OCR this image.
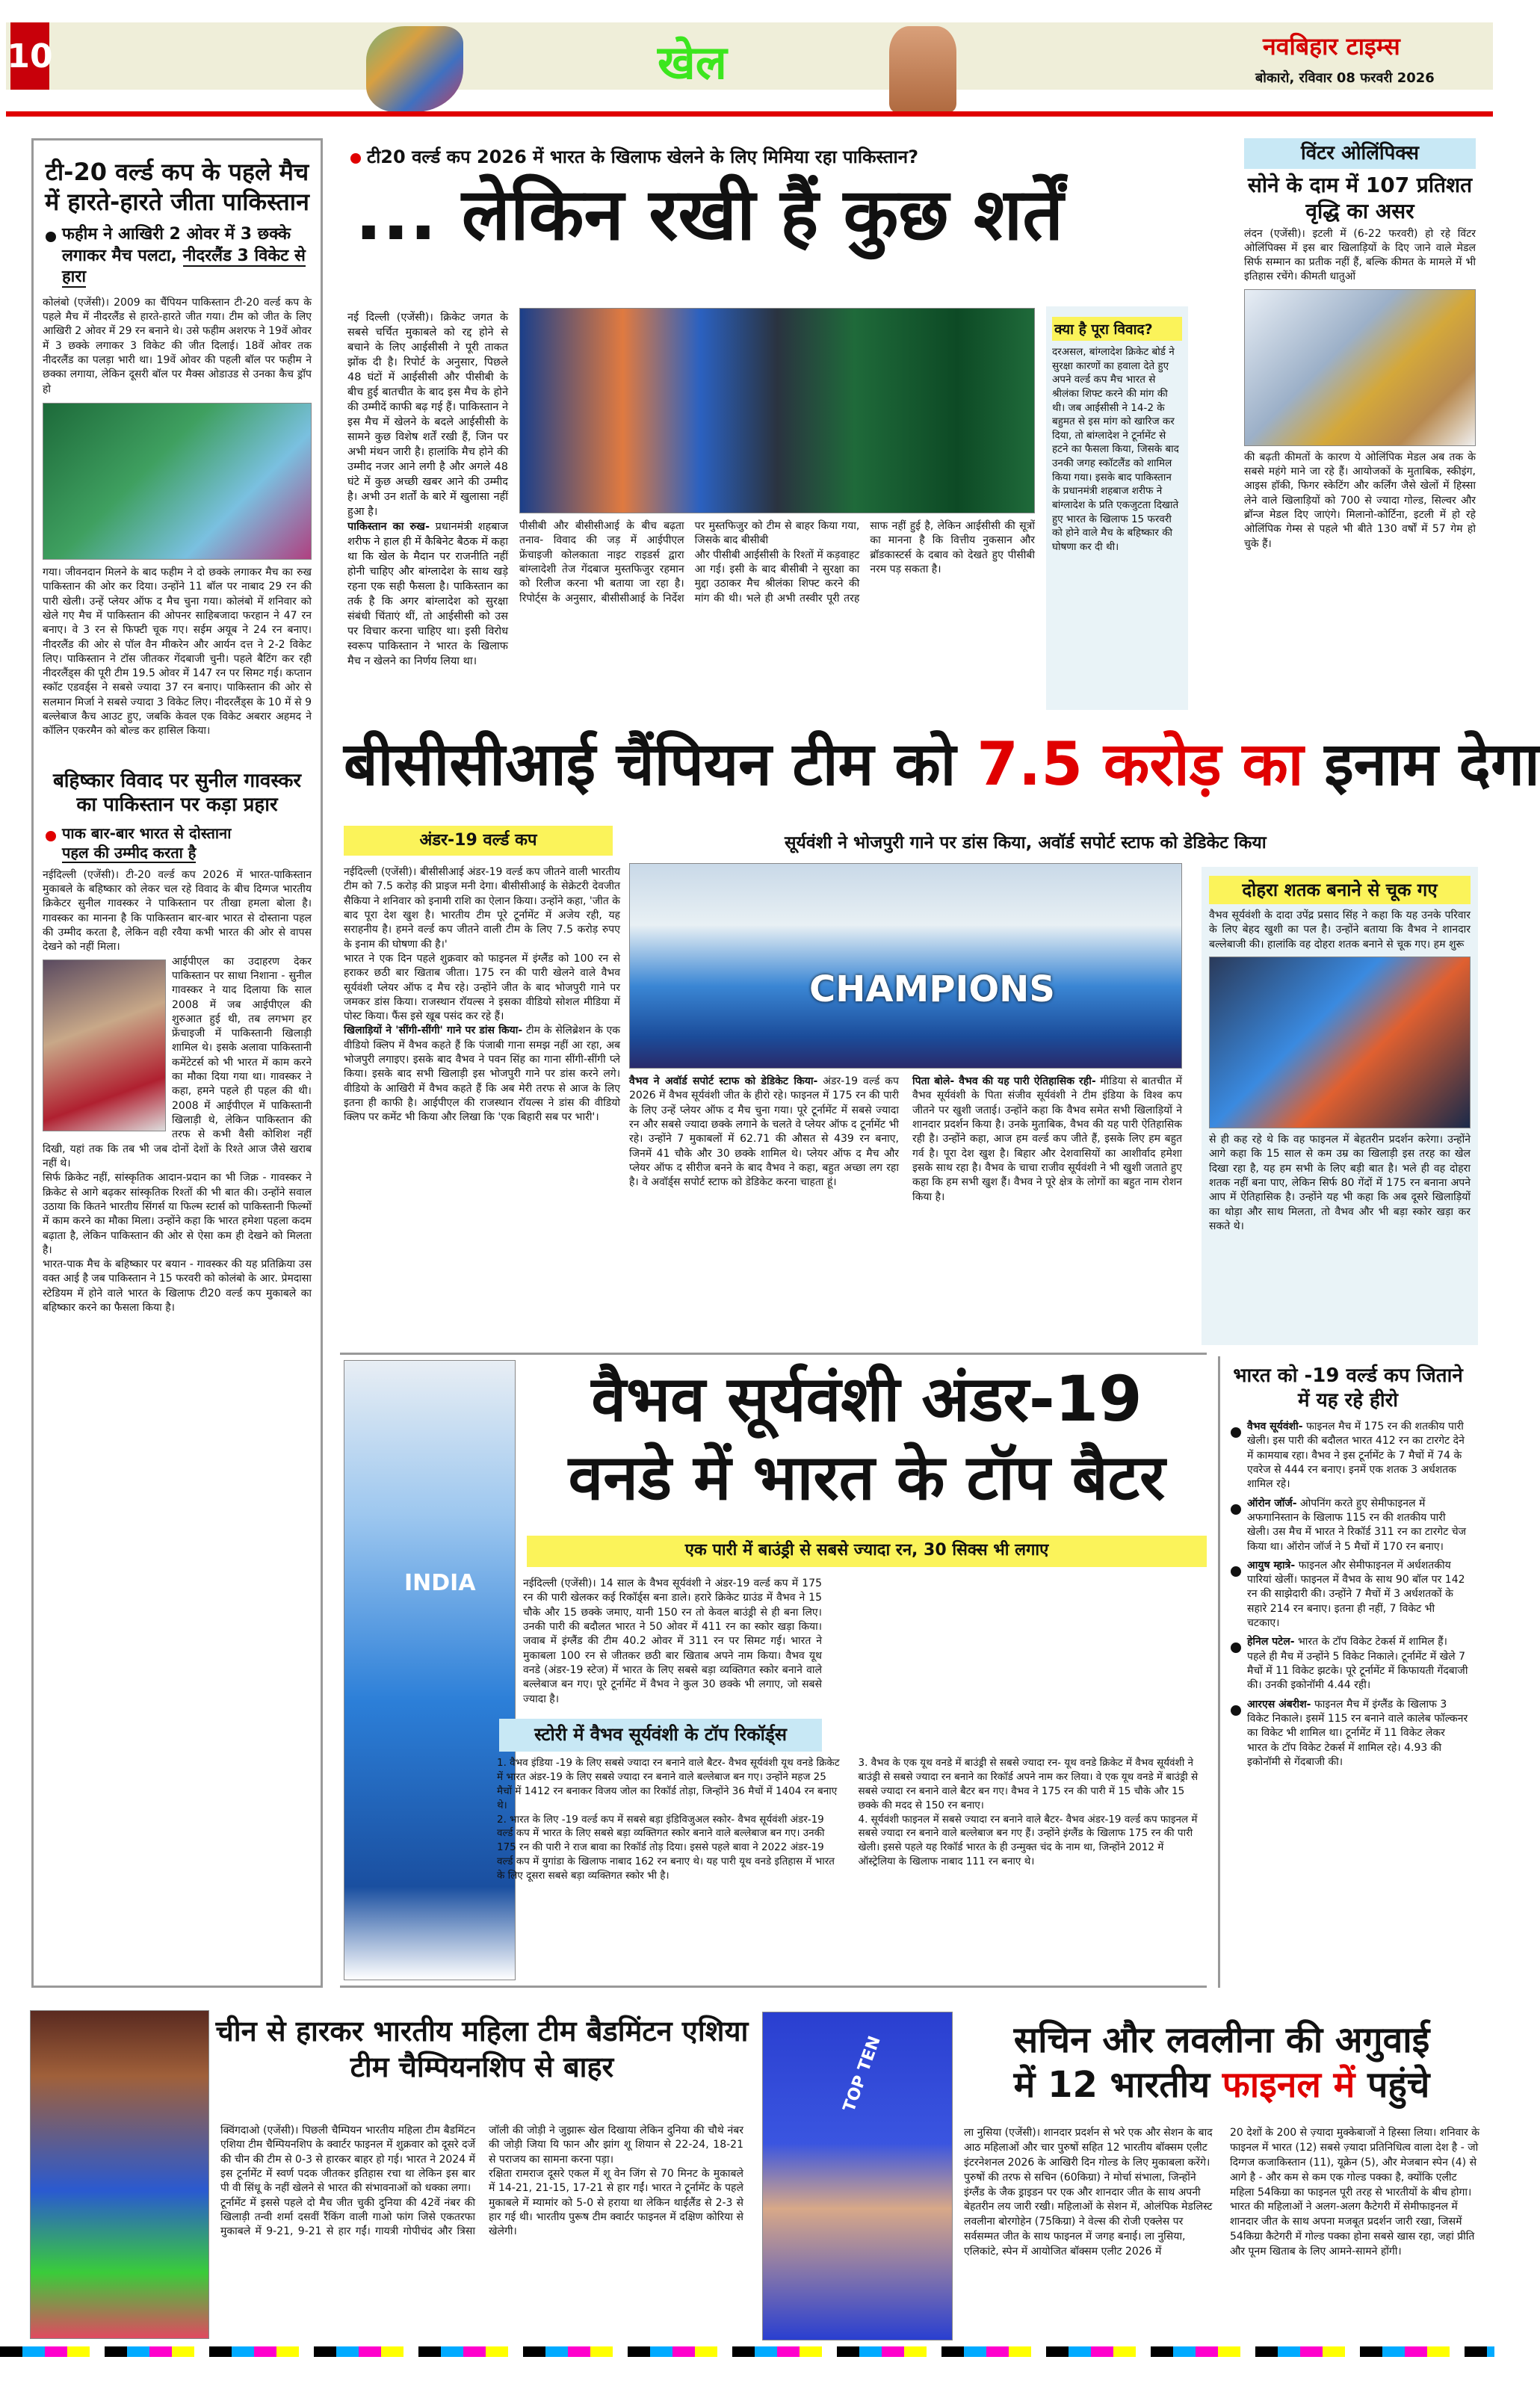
10	खेल	नवबिहार टाइम्स
बोकारो, रविवार 08 फरवरी 2026
टी-20 वर्ल्ड कप के पहले मैच में हारते-हारते जीता पाकिस्तान
फहीम ने आखिरी 2 ओवर में 3 छक्के लगाकर मैच पलटा, नीदरलैंड 3 विकेट से हारा

कोलंबो (एजेंसी)। 2009 का चैंपियन पाकिस्तान टी-20 वर्ल्ड कप के पहले मैच में नीदरलैंड से हारते-हारते जीत गया। टीम को जीत के लिए आखिरी 2 ओवर में 29 रन बनाने थे। उसे फहीम अशरफ ने 19वें ओवर में 3 छक्के लगाकर 3 विकेट की जीत दिलाई। 18वें ओवर तक नीदरलैंड का पलड़ा भारी था। 19वें ओवर की पहली बॉल पर फहीम ने छक्का लगाया, लेकिन दूसरी बॉल पर मैक्स ओडाउड से उनका कैच ड्रॉप हो

गया। जीवनदान मिलने के बाद फहीम ने दो छक्के लगाकर मैच का रुख पाकिस्तान की ओर कर दिया। उन्होंने 11 बॉल पर नाबाद 29 रन की पारी खेली। उन्हें प्लेयर ऑफ द मैच चुना गया। कोलंबो में शनिवार को खेले गए मैच में पाकिस्तान की ओपनर साहिबजादा फरहान ने 47 रन बनाए। वे 3 रन से फिफ्टी चूक गए। सईम अयूब ने 24 रन बनाए। नीदरलैंड की ओर से पॉल वैन मीकरेन और आर्यन दत्त ने 2-2 विकेट लिए। पाकिस्तान ने टॉस जीतकर गेंदबाजी चुनी। पहले बैटिंग कर रही नीदरलैंड्स की पूरी टीम 19.5 ओवर में 147 रन पर सिमट गई। कप्तान स्कॉट एडवर्ड्स ने सबसे ज्यादा 37 रन बनाए। पाकिस्तान की ओर से सलमान मिर्जा ने सबसे ज्यादा 3 विकेट लिए। नीदरलैंड्स के 10 में से 9 बल्लेबाज कैच आउट हुए, जबकि केवल एक विकेट अबरार अहमद ने कॉलिन एकरमैन को बोल्ड कर हासिल किया।

बहिष्कार विवाद पर सुनील गावस्कर का पाकिस्तान पर कड़ा प्रहार
पाक बार-बार भारत से दोस्ताना
पहल की उम्मीद करता है

नईदिल्ली (एजेंसी)। टी-20 वर्ल्ड कप 2026 में भारत-पाकिस्तान मुकाबले के बहिष्कार को लेकर चल रहे विवाद के बीच दिग्गज भारतीय क्रिकेटर सुनील गावस्कर ने पाकिस्तान पर तीखा हमला बोला है। गावस्कर का मानना है कि पाकिस्तान बार-बार भारत से दोस्ताना पहल की उम्मीद करता है, लेकिन वही रवैया कभी भारत की ओर से वापस देखने को नहीं मिला।

आईपीएल का उदाहरण देकर पाकिस्तान पर साधा निशाना - सुनील गावस्कर ने याद दिलाया कि साल 2008 में जब आईपीएल की शुरुआत हुई थी, तब लगभग हर फ्रेंचाइजी में पाकिस्तानी खिलाड़ी शामिल थे। इसके अलावा पाकिस्तानी कमेंटेटर्स को भी भारत में काम करने का मौका दिया गया था। गावस्कर ने कहा, हमने पहले ही पहल की थी। 2008 में आईपीएल में पाकिस्तानी खिलाड़ी थे, लेकिन पाकिस्तान की तरफ से कभी वैसी कोशिश नहीं दिखी, यहां तक कि तब भी जब दोनों देशों के रिश्ते आज जैसे खराब नहीं थे।

सिर्फ क्रिकेट नहीं, सांस्कृतिक आदान-प्रदान का भी जिक्र - गावस्कर ने क्रिकेट से आगे बढ़कर सांस्कृतिक रिश्तों की भी बात की। उन्होंने सवाल उठाया कि कितने भारतीय सिंगर्स या फिल्म स्टार्स को पाकिस्तानी फिल्मों में काम करने का मौका मिला। उन्होंने कहा कि भारत हमेशा पहला कदम बढ़ाता है, लेकिन पाकिस्तान की ओर से ऐसा कम ही देखने को मिलता है।

भारत-पाक मैच के बहिष्कार पर बयान - गावस्कर की यह प्रतिक्रिया उस वक्त आई है जब पाकिस्तान ने 15 फरवरी को कोलंबो के आर. प्रेमदासा स्टेडियम में होने वाले भारत के खिलाफ टी20 वर्ल्ड कप मुकाबले का बहिष्कार करने का फैसला किया है।

टी20 वर्ल्ड कप 2026 में भारत के खिलाफ खेलने के लिए मिमिया रहा पाकिस्तान?
... लेकिन रखी हैं कुछ शर्तें

नई दिल्ली (एजेंसी)। क्रिकेट जगत के सबसे चर्चित मुकाबले को रद्द होने से बचाने के लिए आईसीसी ने पूरी ताकत झोंक दी है। रिपोर्ट के अनुसार, पिछले 48 घंटों में आईसीसी और पीसीबी के बीच हुई बातचीत के बाद इस मैच के होने की उम्मीदें काफी बढ़ गई हैं। पाकिस्तान ने इस मैच में खेलने के बदले आईसीसी के सामने कुछ विशेष शर्तें रखी हैं, जिन पर अभी मंथन जारी है। हालांकि मैच होने की उम्मीद नजर आने लगी है और अगले 48 घंटे में कुछ अच्छी खबर आने की उम्मीद है। अभी उन शर्तों के बारे में खुलासा नहीं हुआ है।

पाकिस्तान का रुख- प्रधानमंत्री शहबाज शरीफ ने हाल ही में कैबिनेट बैठक में कहा था कि खेल के मैदान पर राजनीति नहीं होनी चाहिए और बांग्लादेश के साथ खड़े रहना एक सही फैसला है। पाकिस्तान का तर्क है कि अगर बांग्लादेश को सुरक्षा संबंधी चिंताएं थीं, तो आईसीसी को उस पर विचार करना चाहिए था। इसी विरोध स्वरूप पाकिस्तान ने भारत के खिलाफ मैच न खेलने का निर्णय लिया था।

पीसीबी और बीसीसीआई के बीच बढ़ता तनाव- विवाद की जड़ में आईपीएल फ्रेंचाइजी कोलकाता नाइट राइडर्स द्वारा बांग्लादेशी तेज गेंदबाज मुस्तफिजुर रहमान को रिलीज करना भी बताया जा रहा है। रिपोर्ट्स के अनुसार, बीसीसीआई के निर्देश पर मुस्तफिजुर को टीम से बाहर किया गया, जिसके बाद बीसीबी

और पीसीबी आईसीसी के रिश्तों में कड़वाहट आ गई। इसी के बाद बीसीबी ने सुरक्षा का मुद्दा उठाकर मैच श्रीलंका शिफ्ट करने की मांग की थी। भले ही अभी तस्वीर पूरी तरह साफ नहीं हुई है, लेकिन आईसीसी की सूत्रों का मानना है कि वित्तीय नुकसान और ब्रॉडकास्टर्स के दबाव को देखते हुए पीसीबी नरम पड़ सकता है।

क्या है पूरा विवाद?

दरअसल, बांग्लादेश क्रिकेट बोर्ड ने सुरक्षा कारणों का हवाला देते हुए अपने वर्ल्ड कप मैच भारत से श्रीलंका शिफ्ट करने की मांग की थी। जब आईसीसी ने 14-2 के बहुमत से इस मांग को खारिज कर दिया, तो बांग्लादेश ने टूर्नामेंट से हटने का फैसला किया, जिसके बाद उनकी जगह स्कॉटलैंड को शामिल किया गया। इसके बाद पाकिस्तान के प्रधानमंत्री शहबाज शरीफ ने बांग्लादेश के प्रति एकजुटता दिखाते हुए भारत के खिलाफ 15 फरवरी को होने वाले मैच के बहिष्कार की घोषणा कर दी थी।

विंटर ओलिंपिक्स
सोने के दाम में 107 प्रतिशत वृद्धि का असर

लंदन (एजेंसी)। इटली में (6-22 फरवरी) हो रहे विंटर ओलिंपिक्स में इस बार खिलाड़ियों के दिए जाने वाले मेडल सिर्फ सम्मान का प्रतीक नहीं हैं, बल्कि कीमत के मामले में भी इतिहास रचेंगे। कीमती धातुओं

की बढ़ती कीमतों के कारण ये ओलिंपिक मेडल अब तक के सबसे महंगे माने जा रहे हैं। आयोजकों के मुताबिक, स्कीइंग, आइस हॉकी, फिगर स्केटिंग और कर्लिंग जैसे खेलों में हिस्सा लेने वाले खिलाड़ियों को 700 से ज्यादा गोल्ड, सिल्वर और ब्रॉन्ज मेडल दिए जाएंगे। मिलानो-कोर्टिना, इटली में हो रहे ओलिंपिक गेम्स से पहले भी बीते 130 वर्षों में 57 गेम हो चुके हैं।

बीसीसीआई चैंपियन टीम को 7.5 करोड़ का इनाम देगा
अंडर-19 वर्ल्ड कप	सूर्यवंशी ने भोजपुरी गाने पर डांस किया, अवॉर्ड सपोर्ट स्टाफ को डेडिकेट किया

नईदिल्ली (एजेंसी)। बीसीसीआई अंडर-19 वर्ल्ड कप जीतने वाली भारतीय टीम को 7.5 करोड़ की प्राइज मनी देगा। बीसीसीआई के सेक्रेटरी देवजीत सैकिया ने शनिवार को इनामी राशि का ऐलान किया। उन्होंने कहा, 'जीत के बाद पूरा देश खुश है। भारतीय टीम पूरे टूर्नामेंट में अजेय रही, यह सराहनीय है। हमने वर्ल्ड कप जीतने वाली टीम के लिए 7.5 करोड़ रुपए के इनाम की घोषणा की है।'

भारत ने एक दिन पहले शुक्रवार को फाइनल में इंग्लैंड को 100 रन से हराकर छठी बार खिताब जीता। 175 रन की पारी खेलने वाले वैभव सूर्यवंशी प्लेयर ऑफ द मैच रहे। उन्होंने जीत के बाद भोजपुरी गाने पर जमकर डांस किया। राजस्थान रॉयल्स ने इसका वीडियो सोशल मीडिया में पोस्ट किया। फैंस इसे खूब पसंद कर रहे हैं।

खिलाड़ियों ने 'सींगी-सींगी' गाने पर डांस किया- टीम के सेलिब्रेशन के एक वीडियो क्लिप में वैभव कहते हैं कि पंजाबी गाना समझ नहीं आ रहा, अब भोजपुरी लगाइए। इसके बाद वैभव ने पवन सिंह का गाना सींगी-सींगी प्ले किया। इसके बाद सभी खिलाड़ी इस भोजपुरी गाने पर डांस करने लगे। वीडियो के आखिरी में वैभव कहते हैं कि अब मेरी तरफ से आज के लिए इतना ही काफी है। आईपीएल की राजस्थान रॉयल्स ने डांस की वीडियो क्लिप पर कमेंट भी किया और लिखा कि 'एक बिहारी सब पर भारी'।

CHAMPIONS

वैभव ने अवॉर्ड सपोर्ट स्टाफ को डेडिकेट किया- अंडर-19 वर्ल्ड कप 2026 में वैभव सूर्यवंशी जीत के हीरो रहे। फाइनल में 175 रन की पारी के लिए उन्हें प्लेयर ऑफ द मैच चुना गया। पूरे टूर्नामेंट में सबसे ज्यादा रन और सबसे ज्यादा छक्के लगाने के चलते वे प्लेयर ऑफ द टूर्नामेंट भी रहे। उन्होंने 7 मुकाबलों में 62.71 की औसत से 439 रन बनाए, जिनमें 41 चौके और 30 छक्के शामिल थे। प्लेयर ऑफ द मैच और प्लेयर ऑफ द सीरीज बनने के बाद वैभव ने कहा, बहुत अच्छा लग रहा है। वे अवॉर्ड्स सपोर्ट स्टाफ को डेडिकेट करना चाहता हूं।

पिता बोले- वैभव की यह पारी ऐतिहासिक रही- मीडिया से बातचीत में वैभव सूर्यवंशी के पिता संजीव सूर्यवंशी ने टीम इंडिया के विश्व कप जीतने पर खुशी जताई। उन्होंने कहा कि वैभव समेत सभी खिलाड़ियों ने शानदार प्रदर्शन किया है। उनके मुताबिक, वैभव की यह पारी ऐतिहासिक रही है। उन्होंने कहा, आज हम वर्ल्ड कप जीते हैं, इसके लिए हम बहुत गर्व है। पूरा देश खुश है। बिहार और देशवासियों का आशीर्वाद हमेशा इसके साथ रहा है। वैभव के चाचा राजीव सूर्यवंशी ने भी खुशी जताते हुए कहा कि हम सभी खुश हैं। वैभव ने पूरे क्षेत्र के लोगों का बहुत नाम रोशन किया है।

दोहरा शतक बनाने से चूक गए

वैभव सूर्यवंशी के दादा उपेंद्र प्रसाद सिंह ने कहा कि यह उनके परिवार के लिए बेहद खुशी का पल है। उन्होंने बताया कि वैभव ने शानदार बल्लेबाजी की। हालांकि वह दोहरा शतक बनाने से चूक गए। हम शुरू

से ही कह रहे थे कि वह फाइनल में बेहतरीन प्रदर्शन करेगा। उन्होंने आगे कहा कि 15 साल से कम उम्र का खिलाड़ी इस तरह का खेल दिखा रहा है, यह हम सभी के लिए बड़ी बात है। भले ही वह दोहरा शतक नहीं बना पाए, लेकिन सिर्फ 80 गेंदों में 175 रन बनाना अपने आप में ऐतिहासिक है। उन्होंने यह भी कहा कि अब दूसरे खिलाड़ियों का थोड़ा और साथ मिलता, तो वैभव और भी बड़ा स्कोर खड़ा कर सकते थे।

INDIA
वैभव सूर्यवंशी अंडर-19
वनडे में भारत के टॉप बैटर
एक पारी में बाउंड्री से सबसे ज्यादा रन, 30 सिक्स भी लगाए
नईदिल्ली (एजेंसी)। 14 साल के वैभव सूर्यवंशी ने अंडर-19 वर्ल्ड कप में 175 रन की पारी खेलकर कई रिकॉर्ड्स बना डाले। हरारे क्रिकेट ग्राउंड में वैभव ने 15 चौके और 15 छक्के जमाए, यानी 150 रन तो केवल बाउंड्री से ही बना लिए। उनकी पारी की बदौलत भारत ने 50 ओवर में 411 रन का स्कोर खड़ा किया। जवाब में इंग्लैंड की टीम 40.2 ओवर में 311 रन पर सिमट गई। भारत ने मुकाबला 100 रन से जीतकर छठी बार खिताब अपने नाम किया। वैभव यूथ वनडे (अंडर-19 स्टेज) में भारत के लिए सबसे बड़ा व्यक्तिगत स्कोर बनाने वाले बल्लेबाज बन गए। पूरे टूर्नामेंट में वैभव ने कुल 30 छक्के भी लगाए, जो सबसे ज्यादा है।
स्टोरी में वैभव सूर्यवंशी के टॉप रिकॉर्ड्स

1. वैभव इंडिया -19 के लिए सबसे ज्यादा रन बनाने वाले बैटर- वैभव सूर्यवंशी यूथ वनडे क्रिकेट में भारत अंडर-19 के लिए सबसे ज्यादा रन बनाने वाले बल्लेबाज बन गए। उन्होंने महज 25 मैचों में 1412 रन बनाकर विजय जोल का रिकॉर्ड तोड़ा, जिन्होंने 36 मैचों में 1404 रन बनाए थे।

2. भारत के लिए -19 वर्ल्ड कप में सबसे बड़ा इंडिविजुअल स्कोर- वैभव सूर्यवंशी अंडर-19 वर्ल्ड कप में भारत के लिए सबसे बड़ा व्यक्तिगत स्कोर बनाने वाले बल्लेबाज बन गए। उनकी 175 रन की पारी ने राज बावा का रिकॉर्ड तोड़ दिया। इससे पहले बावा ने 2022 अंडर-19 वर्ल्ड कप में युगांडा के खिलाफ नाबाद 162 रन बनाए थे। यह पारी यूथ वनडे इतिहास में भारत के लिए दूसरा सबसे बड़ा व्यक्तिगत स्कोर भी है।

3. वैभव के एक यूथ वनडे में बाउंड्री से सबसे ज्यादा रन- यूथ वनडे क्रिकेट में वैभव सूर्यवंशी ने बाउंड्री से सबसे ज्यादा रन बनाने का रिकॉर्ड अपने नाम कर लिया। वे एक यूथ वनडे में बाउंड्री से सबसे ज्यादा रन बनाने वाले बैटर बन गए। वैभव ने 175 रन की पारी में 15 चौके और 15 छक्के की मदद से 150 रन बनाए।

4. सूर्यवंशी फाइनल में सबसे ज्यादा रन बनाने वाले बैटर- वैभव अंडर-19 वर्ल्ड कप फाइनल में सबसे ज्यादा रन बनाने वाले बल्लेबाज बन गए हैं। उन्होंने इंग्लैंड के खिलाफ 175 रन की पारी खेली। इससे पहले यह रिकॉर्ड भारत के ही उन्मुक्त चंद के नाम था, जिन्होंने 2012 में ऑस्ट्रेलिया के खिलाफ नाबाद 111 रन बनाए थे।

भारत को -19 वर्ल्ड कप जिताने में यह रहे हीरो
वैभव सूर्यवंशी- फाइनल मैच में 175 रन की शतकीय पारी खेली। इस पारी की बदौलत भारत 412 रन का टारगेट देने में कामयाब रहा। वैभव ने इस टूर्नामेंट के 7 मैचों में 74 के एवरेज से 444 रन बनाए। इनमें एक शतक 3 अर्धशतक शामिल रहे।
ऑरोन जॉर्ज- ओपनिंग करते हुए सेमीफाइनल में अफगानिस्तान के खिलाफ 115 रन की शतकीय पारी खेली। उस मैच में भारत ने रिकॉर्ड 311 रन का टारगेट चेज किया था। ऑरोन जॉर्ज ने 5 मैचों में 170 रन बनाए।
आयुष म्हात्रे- फाइनल और सेमीफाइनल में अर्धशतकीय पारियां खेलीं। फाइनल में वैभव के साथ 90 बॉल पर 142 रन की साझेदारी की। उन्होंने 7 मैचों में 3 अर्धशतकों के सहारे 214 रन बनाए। इतना ही नहीं, 7 विकेट भी चटकाए।
हेनिल पटेल- भारत के टॉप विकेट टेकर्स में शामिल हैं। पहले ही मैच में उन्होंने 5 विकेट निकाले। टूर्नामेंट में खेले 7 मैचों में 11 विकेट झटके। पूरे टूर्नामेंट में किफायती गेंदबाजी की। उनकी इकोनॉमी 4.44 रही।
आरएस अंबरीश- फाइनल मैच में इंग्लैंड के खिलाफ 3 विकेट निकाले। इसमें 115 रन बनाने वाले कालेब फॉल्कनर का विकेट भी शामिल था। टूर्नामेंट में 11 विकेट लेकर भारत के टॉप विकेट टेकर्स में शामिल रहे। 4.93 की इकोनॉमी से गेंदबाजी की।
चीन से हारकर भारतीय महिला टीम बैडमिंटन एशिया टीम चैम्पियनशिप से बाहर

क्विंगदाओ (एजेंसी)। पिछली चैम्पियन भारतीय महिला टीम बैडमिंटन एशिया टीम चैम्पियनशिप के क्वार्टर फाइनल में शुक्रवार को दूसरे दर्जे की चीन की टीम से 0-3 से हारकर बाहर हो गई। भारत ने 2024 में इस टूर्नामेंट में स्वर्ण पदक जीतकर इतिहास रचा था लेकिन इस बार पी वी सिंधू के नहीं खेलने से भारत की संभावनाओं को धक्का लगा।

टूर्नामेंट में इससे पहले दो मैच जीत चुकी दुनिया की 42वें नंबर की खिलाड़ी तन्वी शर्मा दसवीं रैंकिंग वाली गाओ फांग जिसे एकतरफा मुकाबले में 9-21, 9-21 से हार गईं। गायत्री गोपीचंद और त्रिसा जॉली की जोड़ी ने जुझारू खेल दिखाया लेकिन दुनिया की चौथे नंबर की जोड़ी जिया यि फान और झांग शू शियान से 22-24, 18-21 से पराजय का सामना करना पड़ा।

रक्षिता रामराज दूसरे एकल में शू वेन जिंग से 70 मिनट के मुकाबले में 14-21, 21-15, 17-21 से हार गईं। भारत ने टूर्नामेंट के पहले मुकाबले में म्यामांर को 5-0 से हराया था लेकिन थाईलैंड से 2-3 से हार गई थी। भारतीय पुरूष टीम क्वार्टर फाइनल में दक्षिण कोरिया से खेलेगी।

TOP TEN	सचिन और लवलीना की अगुवाई
में 12 भारतीय फाइनल में पहुंचे

ला नुसिया (एजेंसी)। शानदार प्रदर्शन से भरे एक और सेशन के बाद आठ महिलाओं और चार पुरुषों सहित 12 भारतीय बॉक्सम एलीट इंटरनेशनल 2026 के आखिरी दिन गोल्ड के लिए मुकाबला करेंगे। पुरुषों की तरफ से सचिन (60किग्रा) ने मोर्चा संभाला, जिन्होंने इंग्लैंड के जैक ड्राइडन पर एक और शानदार जीत के साथ अपनी बेहतरीन लय जारी रखी। महिलाओं के सेशन में, ओलंपिक मेडलिस्ट लवलीना बोरगोहेन (75किग्रा) ने वेल्स की रोजी एक्लेस पर सर्वसम्मत जीत के साथ फाइनल में जगह बनाई। ला नुसिया, एलिकांटे, स्पेन में आयोजित बॉक्सम एलीट 2026 में

20 देशों के 200 से ज़्यादा मुक्केबाजों ने हिस्सा लिया। शनिवार के फाइनल में भारत (12) सबसे ज़्यादा प्रतिनिधित्व वाला देश है - जो दिग्गज कजाकिस्तान (11), यूक्रेन (5), और मेजबान स्पेन (4) से आगे है - और कम से कम एक गोल्ड पक्का है, क्योंकि एलीट महिला 54किग्रा का फाइनल पूरी तरह से भारतीयों के बीच होगा। भारत की महिलाओं ने अलग-अलग कैटेगरी में सेमीफाइनल में शानदार जीत के साथ अपना मजबूत प्रदर्शन जारी रखा, जिसमें 54किग्रा कैटेगरी में गोल्ड पक्का होना सबसे खास रहा, जहां प्रीति और पूनम खिताब के लिए आमने-सामने होंगी।
